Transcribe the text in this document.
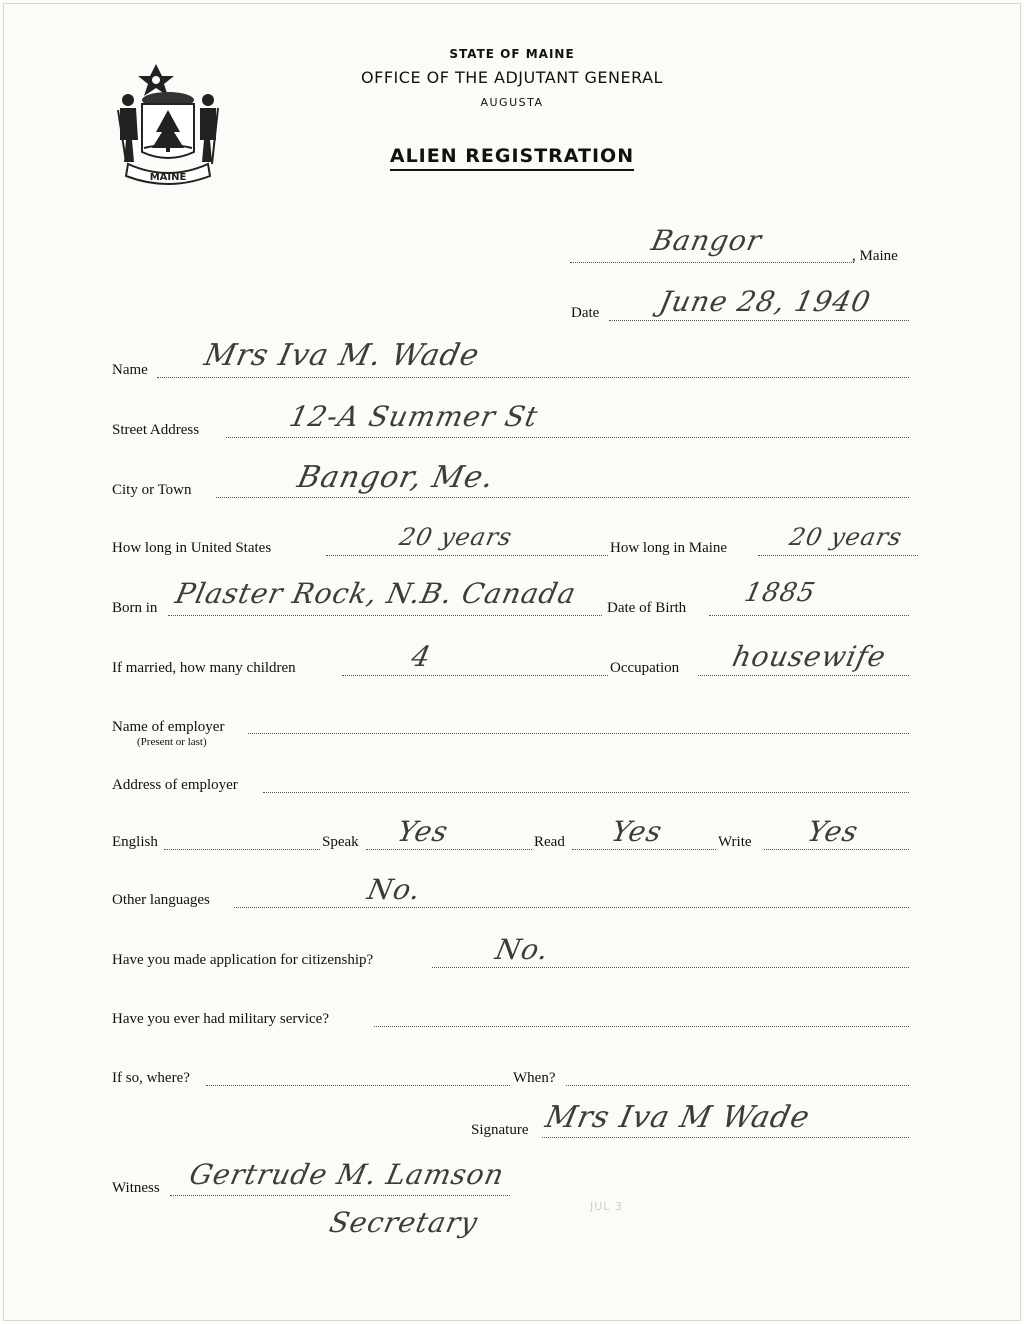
MAINE
STATE OF MAINE
OFFICE OF THE ADJUTANT GENERAL
AUGUSTA
ALIEN REGISTRATION
Bangor	, Maine
Date June 28, 1940
Name Mrs Iva M. Wade
Street Address	12-A Summer St
City or Town	Bangor, Me.
How long in United States	20 years	How long in Maine 20 years
Born in Plaster Rock, N.B. Canada Date of Birth 1885
If married, how many children	4	Occupation housewife
Name of employer
(Present or last)
Address of employer
English	Speak Yes	Read Yes	Write Yes
Other languages	No.
Have you made application for citizenship?	No.
Have you ever had military service?
If so, where?	When?
Signature Mrs Iva M Wade
Witness Gertrude M. Lamson
Secretary	JUL 3
